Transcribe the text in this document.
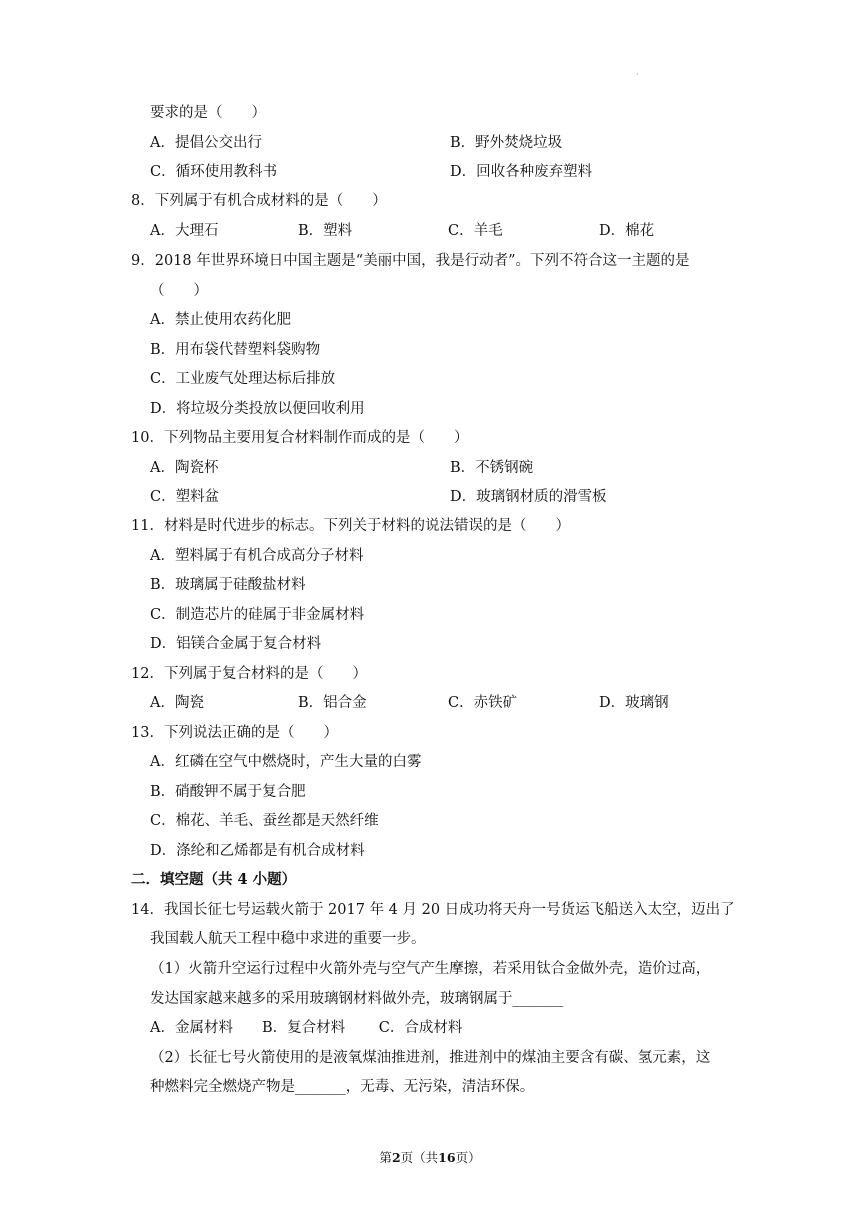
·
要求的是（　　）
A．提倡公交出行	B．野外焚烧垃圾
C．循环使用教科书	D．回收各种废弃塑料
8．下列属于有机合成材料的是（　　）
A．大理石	B．塑料	C．羊毛	D．棉花
9．2018 年世界环境日中国主题是“美丽中国，我是行动者”。下列不符合这一主题的是
（　　）
A．禁止使用农药化肥
B．用布袋代替塑料袋购物
C．工业废气处理达标后排放
D．将垃圾分类投放以便回收利用
10．下列物品主要用复合材料制作而成的是（　　）
A．陶瓷杯	B．不锈钢碗
C．塑料盆	D．玻璃钢材质的滑雪板
11．材料是时代进步的标志。下列关于材料的说法错误的是（　　）
A．塑料属于有机合成高分子材料
B．玻璃属于硅酸盐材料
C．制造芯片的硅属于非金属材料
D．铝镁合金属于复合材料
12．下列属于复合材料的是（　　）
A．陶瓷	B．铝合金	C．赤铁矿	D．玻璃钢
13．下列说法正确的是（　　）
A．红磷在空气中燃烧时，产生大量的白雾
B．硝酸钾不属于复合肥
C．棉花、羊毛、蚕丝都是天然纤维
D．涤纶和乙烯都是有机合成材料
二．填空题（共 4 小题）
14．我国长征七号运载火箭于 2017 年 4 月 20 日成功将天舟一号货运飞船送入太空，迈出了
我国载人航天工程中稳中求进的重要一步。
（1）火箭升空运行过程中火箭外壳与空气产生摩擦，若采用钛合金做外壳，造价过高，
发达国家越来越多的采用玻璃钢材料做外壳，玻璃钢属于_______
A．金属材料　　B．复合材料　　 C．合成材料
（2）长征七号火箭使用的是液氧煤油推进剂，推进剂中的煤油主要含有碳、氢元素，这
种燃料完全燃烧产物是_______，无毒、无污染，清洁环保。
第2页（共16页）
